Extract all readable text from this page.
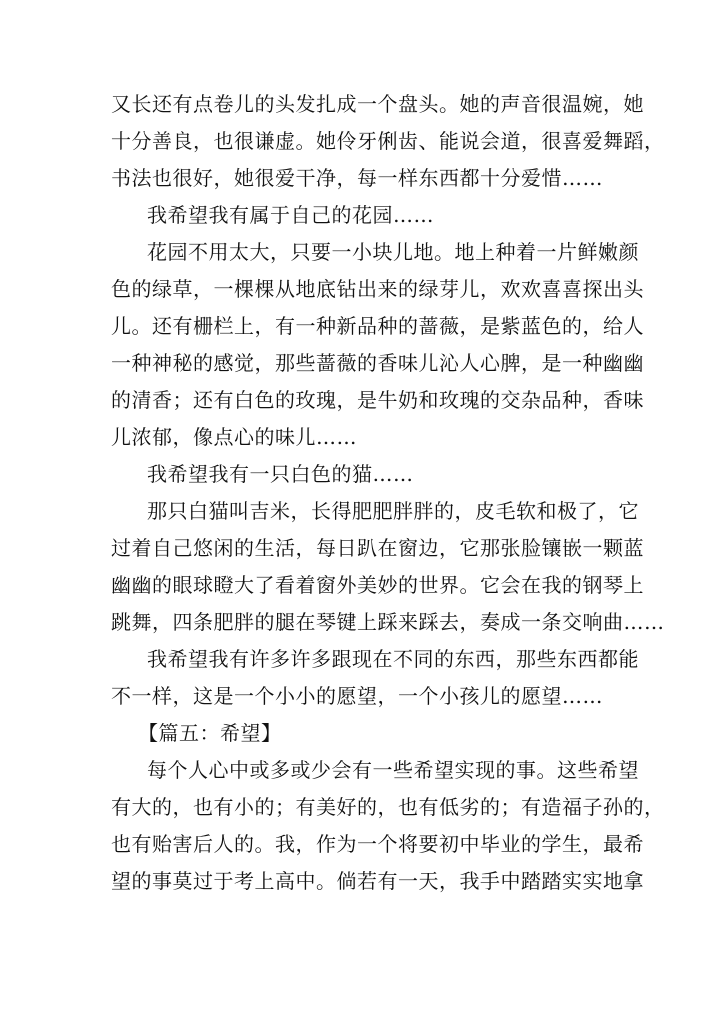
又长还有点卷儿的头发扎成一个盘头。她的声音很温婉，她
十分善良，也很谦虚。她伶牙俐齿、能说会道，很喜爱舞蹈，
书法也很好，她很爱干净，每一样东西都十分爱惜……
我希望我有属于自己的花园……
花园不用太大，只要一小块儿地。地上种着一片鲜嫩颜
色的绿草，一棵棵从地底钻出来的绿芽儿，欢欢喜喜探出头
儿。还有栅栏上，有一种新品种的蔷薇，是紫蓝色的，给人
一种神秘的感觉，那些蔷薇的香味儿沁人心脾，是一种幽幽
的清香；还有白色的玫瑰，是牛奶和玫瑰的交杂品种，香味
儿浓郁，像点心的味儿……
我希望我有一只白色的猫……
那只白猫叫吉米，长得肥肥胖胖的，皮毛软和极了，它
过着自己悠闲的生活，每日趴在窗边，它那张脸镶嵌一颗蓝
幽幽的眼球瞪大了看着窗外美妙的世界。它会在我的钢琴上
跳舞，四条肥胖的腿在琴键上踩来踩去，奏成一条交响曲……
我希望我有许多许多跟现在不同的东西，那些东西都能
不一样，这是一个小小的愿望，一个小孩儿的愿望……
【篇五：希望】
每个人心中或多或少会有一些希望实现的事。这些希望
有大的，也有小的；有美好的，也有低劣的；有造福子孙的，
也有贻害后人的。我，作为一个将要初中毕业的学生，最希
望的事莫过于考上高中。倘若有一天，我手中踏踏实实地拿
